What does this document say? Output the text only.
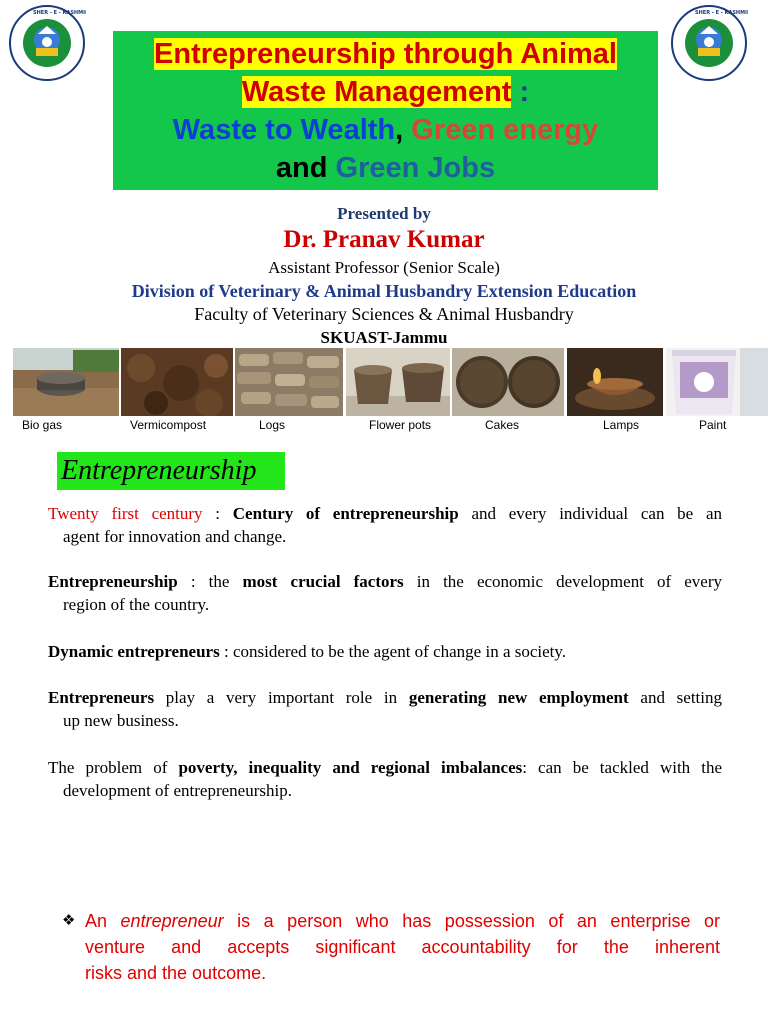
SHER - E - KASHMIR	SHER - E - KASHMIR
Entrepreneurship through Animal
Waste Management :
Waste to Wealth, Green energy
and Green Jobs
Presented by
Dr. Pranav Kumar
Assistant Professor (Senior Scale)
Division of Veterinary & Animal Husbandry Extension Education
Faculty of Veterinary Sciences & Animal Husbandry
SKUAST-Jammu
Bio gas	Vermicompost	Logs	Flower pots	Cakes	Lamps	Paint
Entrepreneurship
Twenty first century : Century of entrepreneurship and every individual can be an
agent for innovation and change.
Entrepreneurship : the most crucial factors in the economic development of every
region of the country.
Dynamic entrepreneurs : considered to be the agent of change in a society.
Entrepreneurs play a very important role in generating new employment and setting
up new business.
The problem of poverty, inequality and regional imbalances: can be tackled with the
development of entrepreneurship.
❖ An entrepreneur is a person who has possession of an enterprise or
venture and accepts significant accountability for the inherent
risks and the outcome.
